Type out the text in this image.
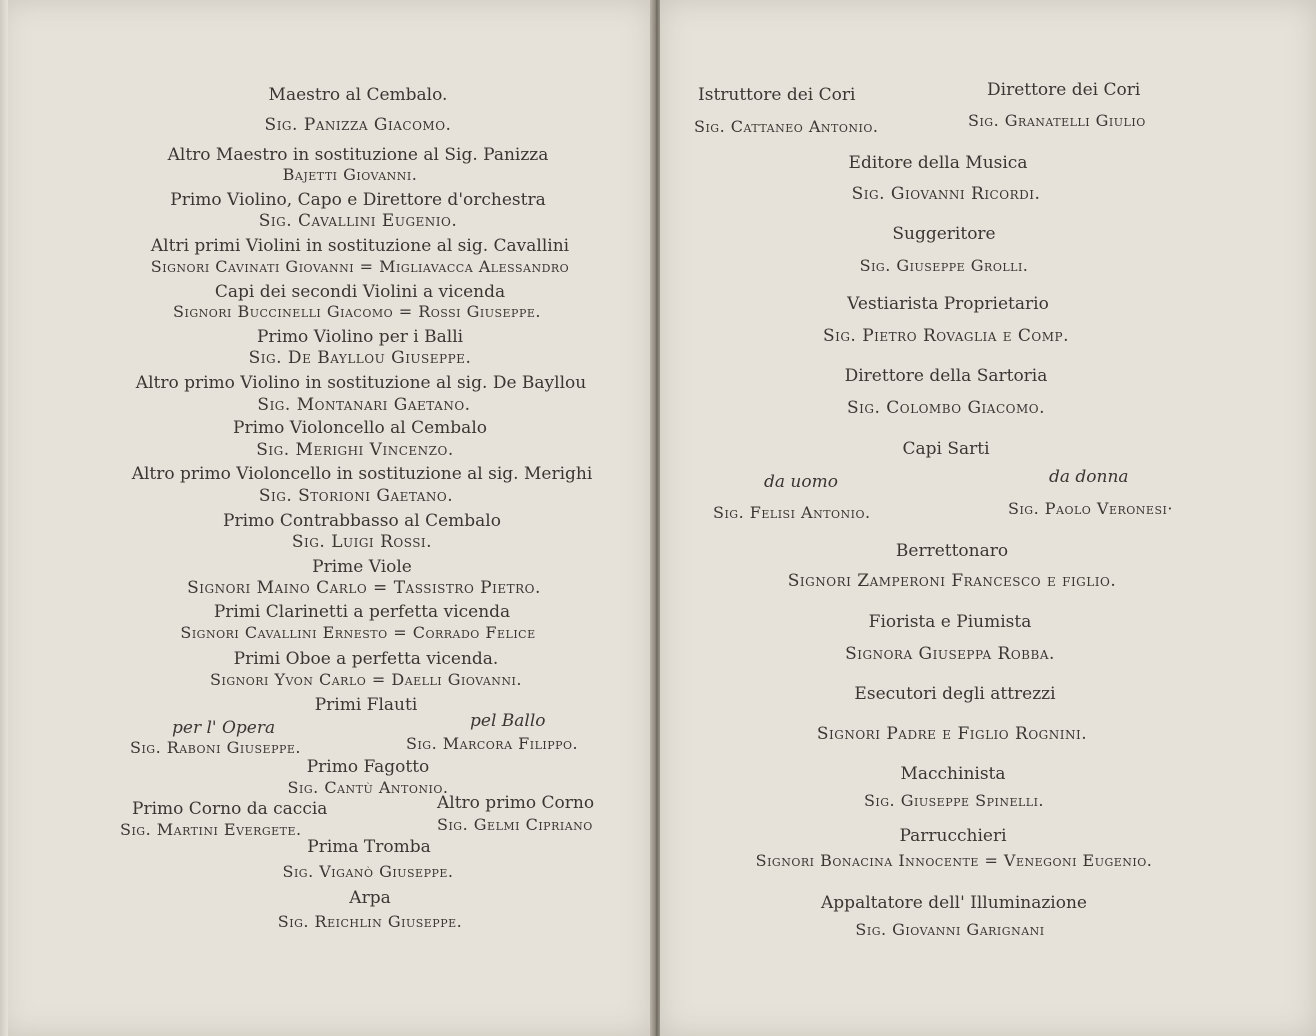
Maestro al Cembalo.
Sig. Panizza Giacomo.
Altro Maestro in sostituzione al Sig. Panizza
Bajetti Giovanni.
Primo Violino, Capo e Direttore d'orchestra
Sig. Cavallini Eugenio.
Altri primi Violini in sostituzione al sig. Cavallini
Signori Cavinati Giovanni = Migliavacca Alessandro
Capi dei secondi Violini a vicenda
Signori Buccinelli Giacomo = Rossi Giuseppe.
Primo Violino per i Balli
Sig. De Bayllou Giuseppe.
Altro primo Violino in sostituzione al sig. De Bayllou
Sig. Montanari Gaetano.
Primo Violoncello al Cembalo
Sig. Merighi Vincenzo.
Altro primo Violoncello in sostituzione al sig. Merighi
Sig. Storioni Gaetano.
Primo Contrabbasso al Cembalo
Sig. Luigi Rossi.
Prime Viole
Signori Maino Carlo = Tassistro Pietro.
Primi Clarinetti a perfetta vicenda
Signori Cavallini Ernesto = Corrado Felice
Primi Oboe a perfetta vicenda.
Signori Yvon Carlo = Daelli Giovanni.
Primi Flauti
per l' Opera	pel Ballo
Sig. Raboni Giuseppe.	Sig. Marcora Filippo.
Primo Fagotto
Sig. Cantù Antonio.
Primo Corno da caccia	Altro primo Corno
Sig. Martini Evergete.	Sig. Gelmi Cipriano
Prima Tromba
Sig. Viganò Giuseppe.
Arpa
Sig. Reichlin Giuseppe.
Istruttore dei Cori	Direttore dei Cori
Sig. Cattaneo Antonio.	Sig. Granatelli Giulio
Editore della Musica
Sig. Giovanni Ricordi.
Suggeritore
Sig. Giuseppe Grolli.
Vestiarista Proprietario
Sig. Pietro Rovaglia e Comp.
Direttore della Sartoria
Sig. Colombo Giacomo.
Capi Sarti
da uomo	da donna
Sig. Felisi Antonio.	Sig. Paolo Veronesi·
Berrettonaro
Signori Zamperoni Francesco e figlio.
Fiorista e Piumista
Signora Giuseppa Robba.
Esecutori degli attrezzi
Signori Padre e Figlio Rognini.
Macchinista
Sig. Giuseppe Spinelli.
Parrucchieri
Signori Bonacina Innocente = Venegoni Eugenio.
Appaltatore dell' Illuminazione
Sig. Giovanni Garignani
